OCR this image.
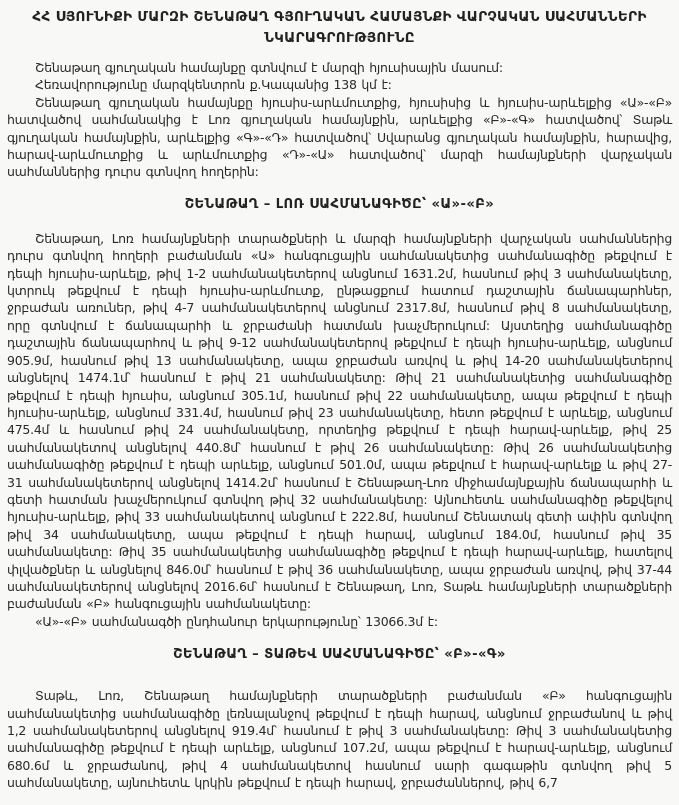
ՀՀ ՍՅՈՒՆԻՔԻ ՄԱՐԶԻ ՇԵՆԱԹԱՂ ԳՅՈՒՂԱԿԱՆ ՀԱՄԱՅՆՔԻ ՎԱՐՉԱԿԱՆ ՍԱՀՄԱՆՆԵՐԻ
ՆԿԱՐԱԳՐՈՒԹՅՈՒՆԸ

Շենաթաղ գյուղական համայնքը գտնվում է մարզի հյուսիսային մասում:

Հեռավորությունը մարզկենտրոն ք.Կապանից 138 կմ է:

Շենաթաղ գյուղական համայնքը հյուսիս-արևմուտքից, հյուսիսից և հյուսիս-արևելքից «Ա»-«Բ» հատվածով սահմանակից է Լոռ գյուղական համայնքին, արևելքից «Բ»-«Գ» հատվածով՝ Տաթև գյուղական համայնքին, արևելքից «Գ»-«Դ» հատվածով՝ Սվարանց գյուղական համայնքին, հարավից, հարավ-արևմուտքից և արևմուտքից «Դ»-«Ա» հատվածով՝ մարզի համայնքների վարչական սահմաններից դուրս գտնվող հողերին:

ՇԵՆԱԹԱՂ – ԼՈՌ ՍԱՀՄԱՆԱԳԻԾԸ՝ «Ա»-«Բ»

Շենաթաղ, Լոռ համայնքների տարածքների և մարզի համայնքների վարչական սահմաններից դուրս գտնվող հողերի բաժանման «Ա» հանգուցային սահմանակետից սահմանագիծը թեքվում է դեպի հյուսիս-արևելք, թիվ 1-2 սահմանակետերով անցնում 1631.2մ, հասնում թիվ 3 սահմանակետը, կտրուկ թեքվում է դեպի հյուսիս-արևմուտք, ընթացքում հատում դաշտային ճանապարհներ, ջրբաժան առուներ, թիվ 4-7 սահմանակետերով անցնում 2317.8մ, հասնում թիվ 8 սահմանակետը, որը գտնվում է ճանապարհի և ջրբաժանի հատման խաչմերուկում: Այստեղից սահմանագիծը դաշտային ճանապարհով և թիվ 9-12 սահմանակետերով թեքվում է դեպի հյուսիս-արևելք, անցնում 905.9մ, հասնում թիվ 13 սահմանակետը, ապա ջրբաժան առվով և թիվ 14-20 սահմանակետերով անցնելով 1474.1մ՝ հասնում է թիվ 21 սահմանակետը: Թիվ 21 սահմանակետից սահմանագիծը թեքվում է դեպի հյուսիս, անցնում 305.1մ, հասնում թիվ 22 սահմանակետը, ապա թեքվում է դեպի հյուսիս-արևելք, անցնում 331.4մ, հասնում թիվ 23 սահմանակետը, հետո թեքվում է արևելք, անցնում 475.4մ և հասնում թիվ 24 սահմանակետը, որտեղից թեքվում է դեպի հարավ-արևելք, թիվ 25 սահմանակետով անցնելով 440.8մ՝ հասնում է թիվ 26 սահմանակետը: Թիվ 26 սահմանակետից սահմանագիծը թեքվում է դեպի արևելք, անցնում 501.0մ, ապա թեքվում է հարավ-արևելք և թիվ 27-31 սահմանակետերով անցնելով 1414.2մ՝ հասնում է Շենաթաղ-Լոռ միջհամայնքային ճանապարհի և գետի հատման խաչմերուկում գտնվող թիվ 32 սահմանակետը: Այնուհետև սահմանագիծը թեքվելով հյուսիս-արևելք, թիվ 33 սահմանակետով անցնում է 222.8մ, հասնում Շենատակ գետի ափին գտնվող թիվ 34 սահմանակետը, ապա թեքվում է դեպի հարավ, անցնում 184.0մ, հասնում թիվ 35 սահմանակետը: Թիվ 35 սահմանակետից սահմանագիծը թեքվում է դեպի հարավ-արևելք, հատելով փլվածքներ և անցնելով 846.0մ՝ հասնում է թիվ 36 սահմանակետը, ապա ջրբաժան առվով, թիվ 37-44 սահմանակետերով անցնելով 2016.6մ՝ հասնում է Շենաթաղ, Լոռ, Տաթև համայնքների տարածքների բաժանման «Բ» հանգուցային սահմանակետը:

«Ա»-«Բ» սահմանագծի ընդհանուր երկարությունը՝ 13066.3մ է:

ՇԵՆԱԹԱՂ – ՏԱԹԵՎ ՍԱՀՄԱՆԱԳԻԾԸ՝ «Բ»-«Գ»

Տաթև, Լոռ, Շենաթաղ համայնքների տարածքների բաժանման «Բ» հանգուցային սահմանակետից սահմանագիծը լեռնալանջով թեքվում է դեպի հարավ, անցնում ջրբաժանով և թիվ 1,2 սահմանակետերով անցնելով 919.4մ՝ հասնում է թիվ 3 սահմանակետը: Թիվ 3 սահմանակետից սահմանագիծը թեքվում է դեպի արևելք, անցնում 107.2մ, ապա թեքվում է հարավ-արևելք, անցնում 680.6մ և ջրբաժանով, թիվ 4 սահմանակետով հասնում սարի գագաթին գտնվող թիվ 5 սահմանակետը, այնուհետև կրկին թեքվում է դեպի հարավ, ջրբաժաններով, թիվ 6,7
